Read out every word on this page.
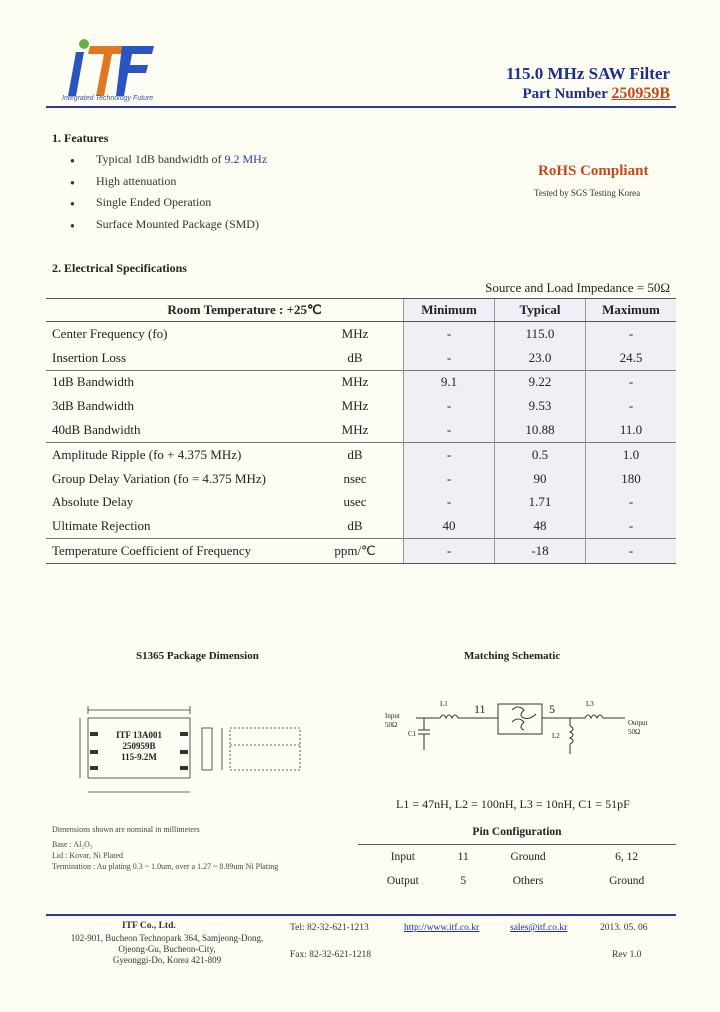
Integrated Technology Future
115.0 MHz SAW Filter
Part Number 250959B
1. Features
● Typical 1dB bandwidth of 9.2 MHz
● High attenuation
● Single Ended Operation
● Surface Mounted Package (SMD)
RoHS Compliant
Tested by SGS Testing Korea
2. Electrical Specifications
Source and Load Impedance = 50Ω
Room Temperature : +25℃		Minimum	Typical	Maximum
Center Frequency (fo)	MHz	-	115.0	-
Insertion Loss	dB	-	23.0	24.5
1dB Bandwidth	MHz	9.1	9.22	-
3dB Bandwidth	MHz	-	9.53	-
40dB Bandwidth	MHz	-	10.88	11.0
Amplitude Ripple (fo + 4.375 MHz)	dB	-	0.5	1.0
Group Delay Variation (fo = 4.375 MHz)	nsec	-	90	180
Absolute Delay	usec	-	1.71	-
Ultimate Rejection	dB	40	48	-
Temperature Coefficient of Frequency	ppm/℃	-	-18	-
S1365 Package Dimension
ITF 13A001
250959B
115-9.2M
Dimensions shown are nominal in millimeters
Base : Al₂O₃
Lid : Kovar, Ni Plated
Termination : Au plating 0.3 ~ 1.0um, over a 1.27 ~ 8.89um Ni Plating
Matching Schematic
Input
50Ω
C1
L1 11	5	L3
L2
Output
50Ω
L1 = 47nH, L2 = 100nH, L3 = 10nH, C1 = 51pF
Pin Configuration			
Input	11	Ground	6, 12
Output	5	Others	Ground
ITF Co., Ltd.
102-901, Bucheon Technopark 364, Samjeong-Dong,
Ojeong-Gu, Bucheon-City,
Gyeonggi-Do, Korea 421-809
Tel: 82-32-621-1213
Fax: 82-32-621-1218
http://www.itf.co.kr	sales@itf.co.kr	2013. 05. 06
Rev 1.0
